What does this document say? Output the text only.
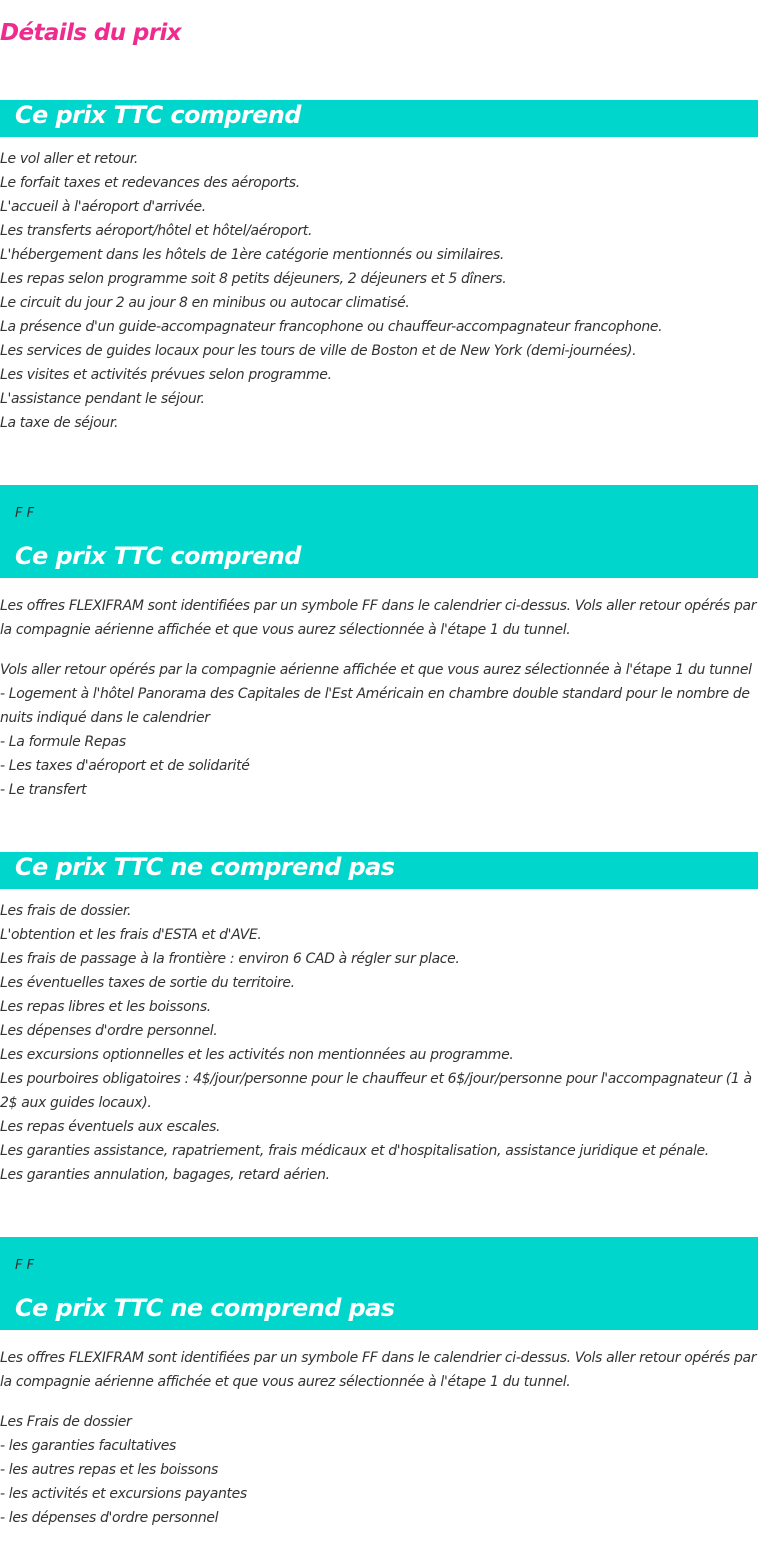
Détails du prix
Ce prix TTC comprend
Le vol aller et retour.
Le forfait taxes et redevances des aéroports.
L'accueil à l'aéroport d'arrivée.
Les transferts aéroport/hôtel et hôtel/aéroport.
L'hébergement dans les hôtels de 1ère catégorie mentionnés ou similaires.
Les repas selon programme soit 8 petits déjeuners, 2 déjeuners et 5 dîners.
Le circuit du jour 2 au jour 8 en minibus ou autocar climatisé.
La présence d'un guide-accompagnateur francophone ou chauffeur-accompagnateur francophone.
Les services de guides locaux pour les tours de ville de Boston et de New York (demi-journées).
Les visites et activités prévues selon programme.
L'assistance pendant le séjour.
La taxe de séjour.
F F
Ce prix TTC comprend

Les offres FLEXIFRAM sont identifiées par un symbole FF dans le calendrier ci-dessus. Vols aller retour opérés par la compagnie aérienne affichée et que vous aurez sélectionnée à l'étape 1 du tunnel.

Vols aller retour opérés par la compagnie aérienne affichée et que vous aurez sélectionnée à l'étape 1 du tunnel

- Logement à l'hôtel Panorama des Capitales de l'Est Américain en chambre double standard pour le nombre de nuits indiqué dans le calendrier

- La formule Repas

- Les taxes d'aéroport et de solidarité

- Le transfert

Ce prix TTC ne comprend pas
Les frais de dossier.
L'obtention et les frais d'ESTA et d'AVE.
Les frais de passage à la frontière : environ 6 CAD à régler sur place.
Les éventuelles taxes de sortie du territoire.
Les repas libres et les boissons.
Les dépenses d'ordre personnel.
Les excursions optionnelles et les activités non mentionnées au programme.

Les pourboires obligatoires : 4$/jour/personne pour le chauffeur et 6$/jour/personne pour l'accompagnateur (1 à 2$ aux guides locaux).

Les repas éventuels aux escales.
Les garanties assistance, rapatriement, frais médicaux et d'hospitalisation, assistance juridique et pénale.
Les garanties annulation, bagages, retard aérien.
F F
Ce prix TTC ne comprend pas

Les offres FLEXIFRAM sont identifiées par un symbole FF dans le calendrier ci-dessus. Vols aller retour opérés par la compagnie aérienne affichée et que vous aurez sélectionnée à l'étape 1 du tunnel.

Les Frais de dossier
- les garanties facultatives
- les autres repas et les boissons
- les activités et excursions payantes
- les dépenses d'ordre personnel
